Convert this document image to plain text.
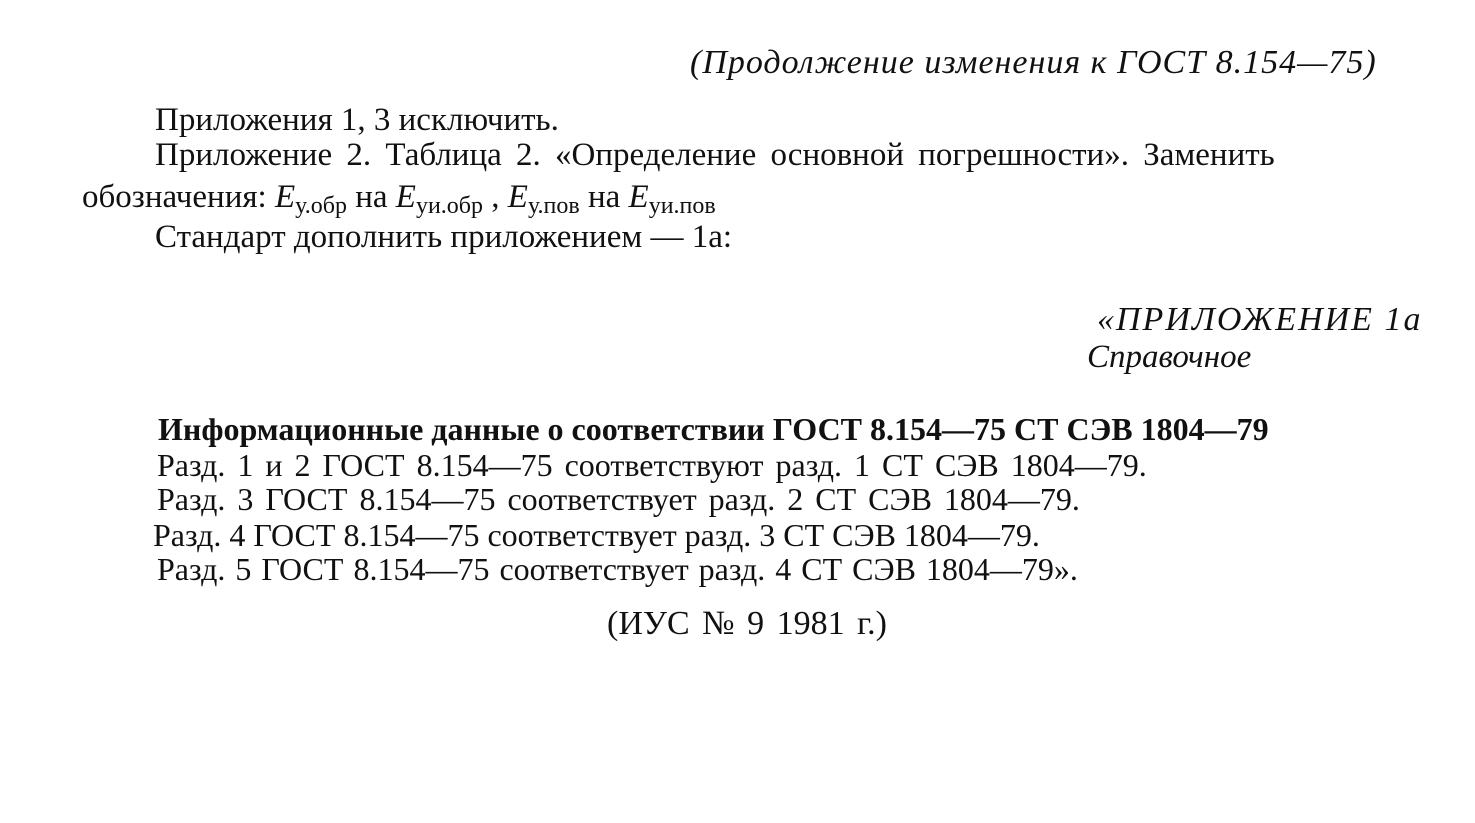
(Продолжение изменения к ГОСТ 8.154—75)
Приложения 1, 3 исключить.
Приложение 2. Таблица 2. «Определение основной погрешности». Заменить
обозначения: $E_{у.обр}$ на $E_{уи.обр}$ , $E_{у.пов}$ на $E_{уи.пов}$
Стандарт дополнить приложением — 1а:
«ПРИЛОЖЕНИЕ 1а
Справочное
Информационные данные о соответствии ГОСТ 8.154—75 СТ СЭВ 1804—79
Разд. 1 и 2 ГОСТ 8.154—75 соответствуют разд. 1 СТ СЭВ 1804—79.
Разд. 3 ГОСТ 8.154—75 соответствует разд. 2 СТ СЭВ 1804—79.
Разд. 4 ГОСТ 8.154—75 соответствует разд. 3 СТ СЭВ 1804—79.
Разд. 5 ГОСТ 8.154—75 соответствует разд. 4 СТ СЭВ 1804—79».
(ИУС № 9 1981 г.)
